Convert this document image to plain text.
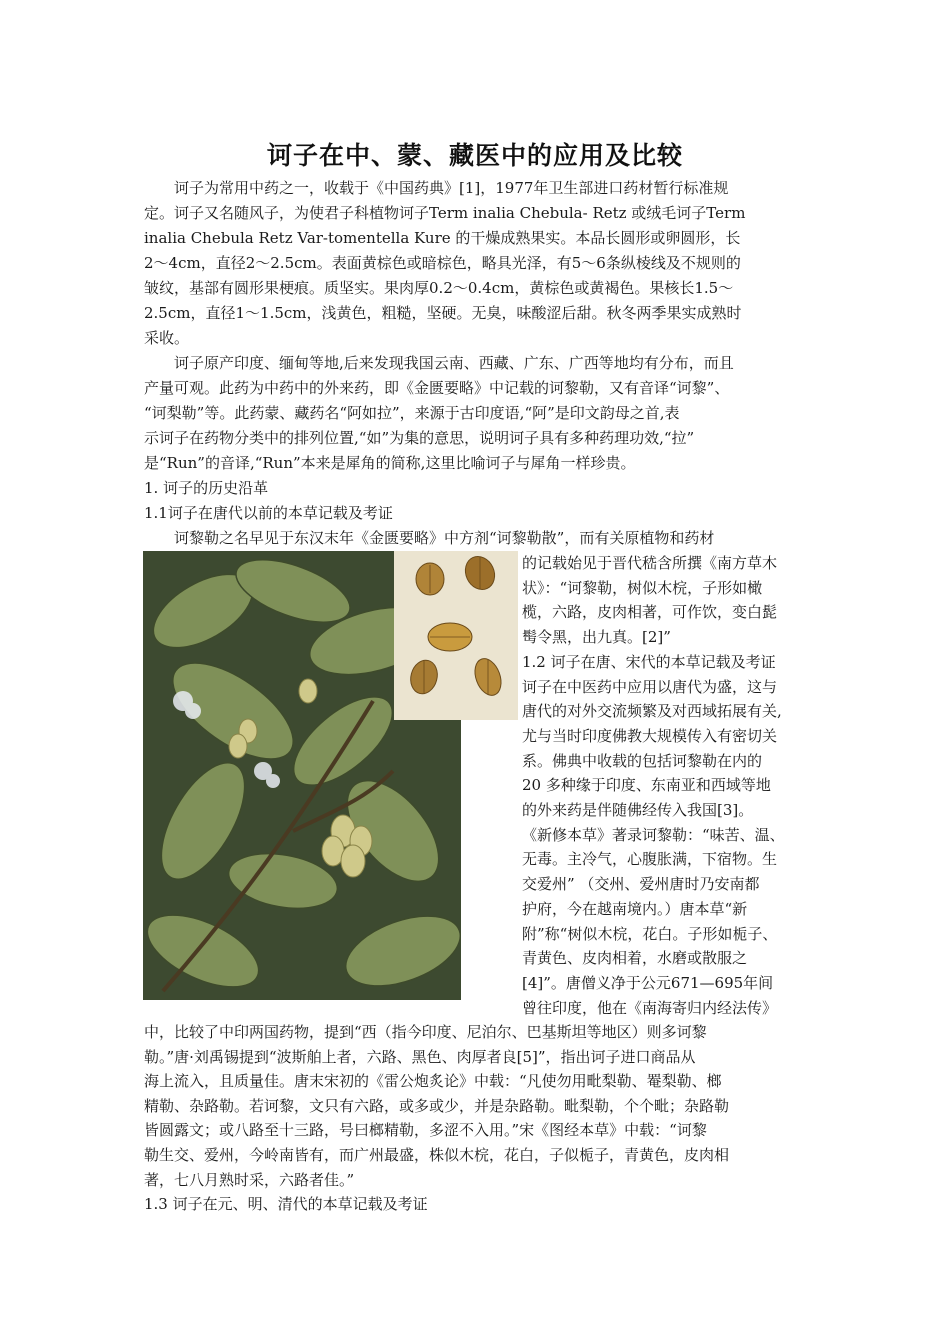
诃子在中、蒙、藏医中的应用及比较

　　诃子为常用中药之一，收载于《中国药典》[1]，1977年卫生部进口药材暂行标准规

定。诃子又名随风子，为使君子科植物诃子Term inalia Chebula- Retz 或绒毛诃子Term

inalia Chebula Retz Var-tomentella Kure 的干燥成熟果实。本品长圆形或卵圆形，长

2～4cm，直径2～2.5cm。表面黄棕色或暗棕色，略具光泽，有5～6条纵棱线及不规则的

皱纹，基部有圆形果梗痕。质坚实。果肉厚0.2～0.4cm，黄棕色或黄褐色。果核长1.5～

2.5cm，直径1～1.5cm，浅黄色，粗糙，坚硬。无臭，味酸涩后甜。秋冬两季果实成熟时

采收。

　　诃子原产印度、缅甸等地,后来发现我国云南、西藏、广东、广西等地均有分布，而且

产量可观。此药为中药中的外来药，即《金匮要略》中记载的诃黎勒，又有音译“诃黎”、

“诃梨勒”等。此药蒙、藏药名“阿如拉”，来源于古印度语,“阿”是印文韵母之首,表

示诃子在药物分类中的排列位置,“如”为集的意思，说明诃子具有多种药理功效,“拉”

是“Run”的音译,“Run”本来是犀角的简称,这里比喻诃子与犀角一样珍贵。

1. 诃子的历史沿革

1.1诃子在唐代以前的本草记载及考证

　　诃黎勒之名早见于东汉末年《金匮要略》中方剂“诃黎勒散”，而有关原植物和药材

的记载始见于晋代嵇含所撰《南方草木

状》：“诃黎勒，树似木梡，子形如橄

榄，六路，皮肉相著，可作饮，变白髭

髩令黑，出九真。[2]”

1.2 诃子在唐、宋代的本草记载及考证

诃子在中医药中应用以唐代为盛，这与

唐代的对外交流频繁及对西域拓展有关,

尤与当时印度佛教大规模传入有密切关

系。佛典中收载的包括诃黎勒在内的

20 多种缘于印度、东南亚和西域等地

的外来药是伴随佛经传入我国[3]。

《新修本草》著录诃黎勒：“味苦、温、

无毒。主冷气，心腹胀满，下宿物。生

交爱州” （交州、爱州唐时乃安南都

护府，今在越南境内。）唐本草“新

附”称“树似木梡，花白。子形如栀子、

青黄色、皮肉相着，水磨或散服之

[4]”。唐僧义净于公元671—695年间

曾往印度，他在《南海寄归内经法传》

中，比较了中印两国药物，提到“西（指今印度、尼泊尔、巴基斯坦等地区）则多诃黎

勒。”唐·刘禹锡提到“波斯舶上者，六路、黑色、肉厚者良[5]”，指出诃子进口商品从

海上流入，且质量佳。唐末宋初的《雷公炮炙论》中载：“凡使勿用毗梨勒、罨梨勒、榔

精勒、杂路勒。若诃黎，文只有六路，或多或少，并是杂路勒。毗梨勒，个个毗；杂路勒

皆圆露文；或八路至十三路，号曰榔精勒，多涩不入用。”宋《图经本草》中载：“诃黎

勒生交、爱州，今岭南皆有，而广州最盛，株似木梡，花白，子似栀子，青黄色，皮肉相

著，七八月熟时采，六路者佳。”

1.3 诃子在元、明、清代的本草记载及考证
